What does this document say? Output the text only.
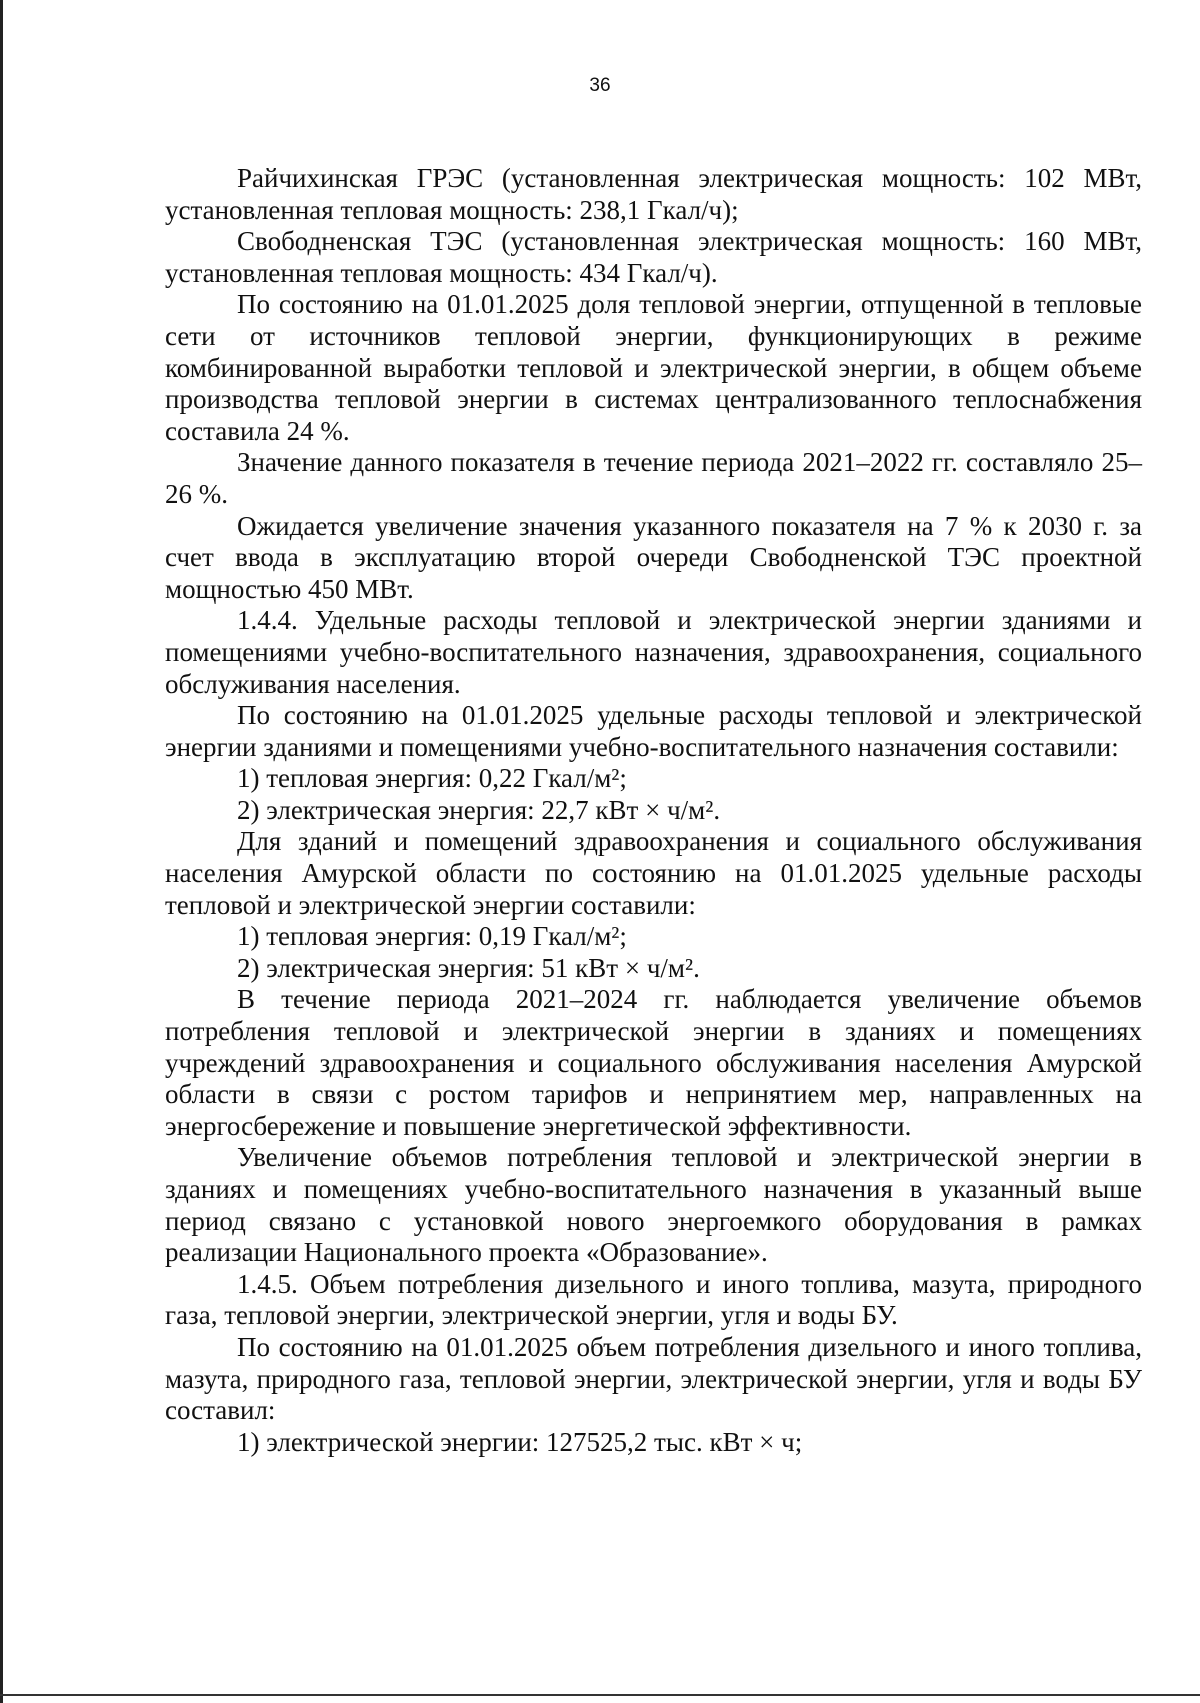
36

Райчихинская ГРЭС (установленная электрическая мощность: 102 МВт, установленная тепловая мощность: 238,1 Гкал/ч);

Свободненская ТЭС (установленная электрическая мощность: 160 МВт, установленная тепловая мощность: 434 Гкал/ч).

По состоянию на 01.01.2025 доля тепловой энергии, отпущенной в тепловые сети от источников тепловой энергии, функционирующих в режиме комбинированной выработки тепловой и электрической энергии, в общем объеме производства тепловой энергии в системах централизованного теплоснабжения составила 24 %.

Значение данного показателя в течение периода 2021–2022 гг. составляло 25–26 %.

Ожидается увеличение значения указанного показателя на 7 % к 2030 г. за счет ввода в эксплуатацию второй очереди Свободненской ТЭС проектной мощностью 450 МВт.

1.4.4. Удельные расходы тепловой и электрической энергии зданиями и помещениями учебно-воспитательного назначения, здравоохранения, социального обслуживания населения.

По состоянию на 01.01.2025 удельные расходы тепловой и электрической энергии зданиями и помещениями учебно-воспитательного назначения составили:

1) тепловая энергия: 0,22 Гкал/м²;

2) электрическая энергия: 22,7 кВт × ч/м².

Для зданий и помещений здравоохранения и социального обслуживания населения Амурской области по состоянию на 01.01.2025 удельные расходы тепловой и электрической энергии составили:

1) тепловая энергия: 0,19 Гкал/м²;

2) электрическая энергия: 51 кВт × ч/м².

В течение периода 2021–2024 гг. наблюдается увеличение объемов потребления тепловой и электрической энергии в зданиях и помещениях учреждений здравоохранения и социального обслуживания населения Амурской области в связи с ростом тарифов и непринятием мер, направленных на энергосбережение и повышение энергетической эффективности.

Увеличение объемов потребления тепловой и электрической энергии в зданиях и помещениях учебно-воспитательного назначения в указанный выше период связано с установкой нового энергоемкого оборудования в рамках реализации Национального проекта «Образование».

1.4.5. Объем потребления дизельного и иного топлива, мазута, природного газа, тепловой энергии, электрической энергии, угля и воды БУ.

По состоянию на 01.01.2025 объем потребления дизельного и иного топлива, мазута, природного газа, тепловой энергии, электрической энергии, угля и воды БУ составил:

1) электрической энергии: 127525,2 тыс. кВт × ч;
